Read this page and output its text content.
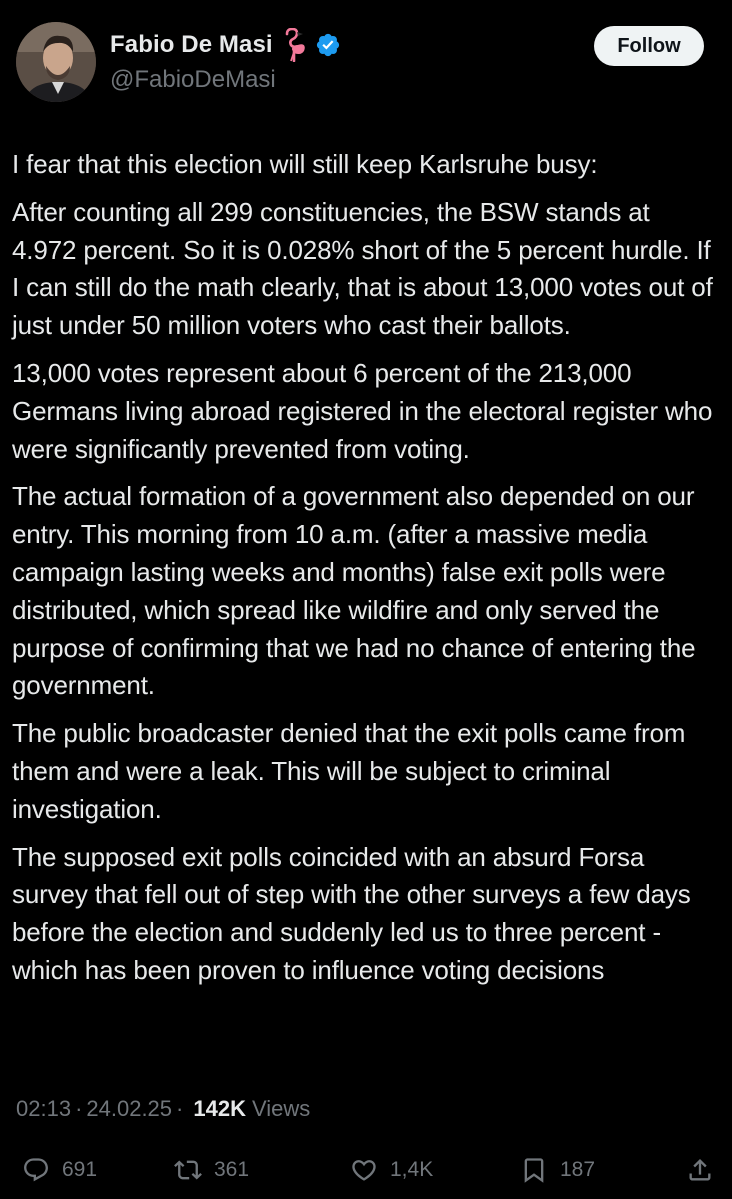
Fabio De Masi
@FabioDeMasi
Follow

I fear that this election will still keep Karlsruhe busy:

After counting all 299 constituencies, the BSW stands at 4.972 percent. So it is 0.028% short of the 5 percent hurdle. If I can still do the math clearly, that is about 13,000 votes out of just under 50 million voters who cast their ballots.

13,000 votes represent about 6 percent of the 213,000 Germans living abroad registered in the electoral register who were significantly prevented from voting.

The actual formation of a government also depended on our entry. This morning from 10 a.m. (after a massive media campaign lasting weeks and months) false exit polls were distributed, which spread like wildfire and only served the purpose of confirming that we had no chance of entering the government.

The public broadcaster denied that the exit polls came from them and were a leak. This will be subject to criminal investigation.

The supposed exit polls coincided with an absurd Forsa survey that fell out of step with the other surveys a few days before the election and suddenly led us to three percent - which has been proven to influence voting decisions

02:13 · 24.02.25 · 142K Views
691	361	1,4K	187
